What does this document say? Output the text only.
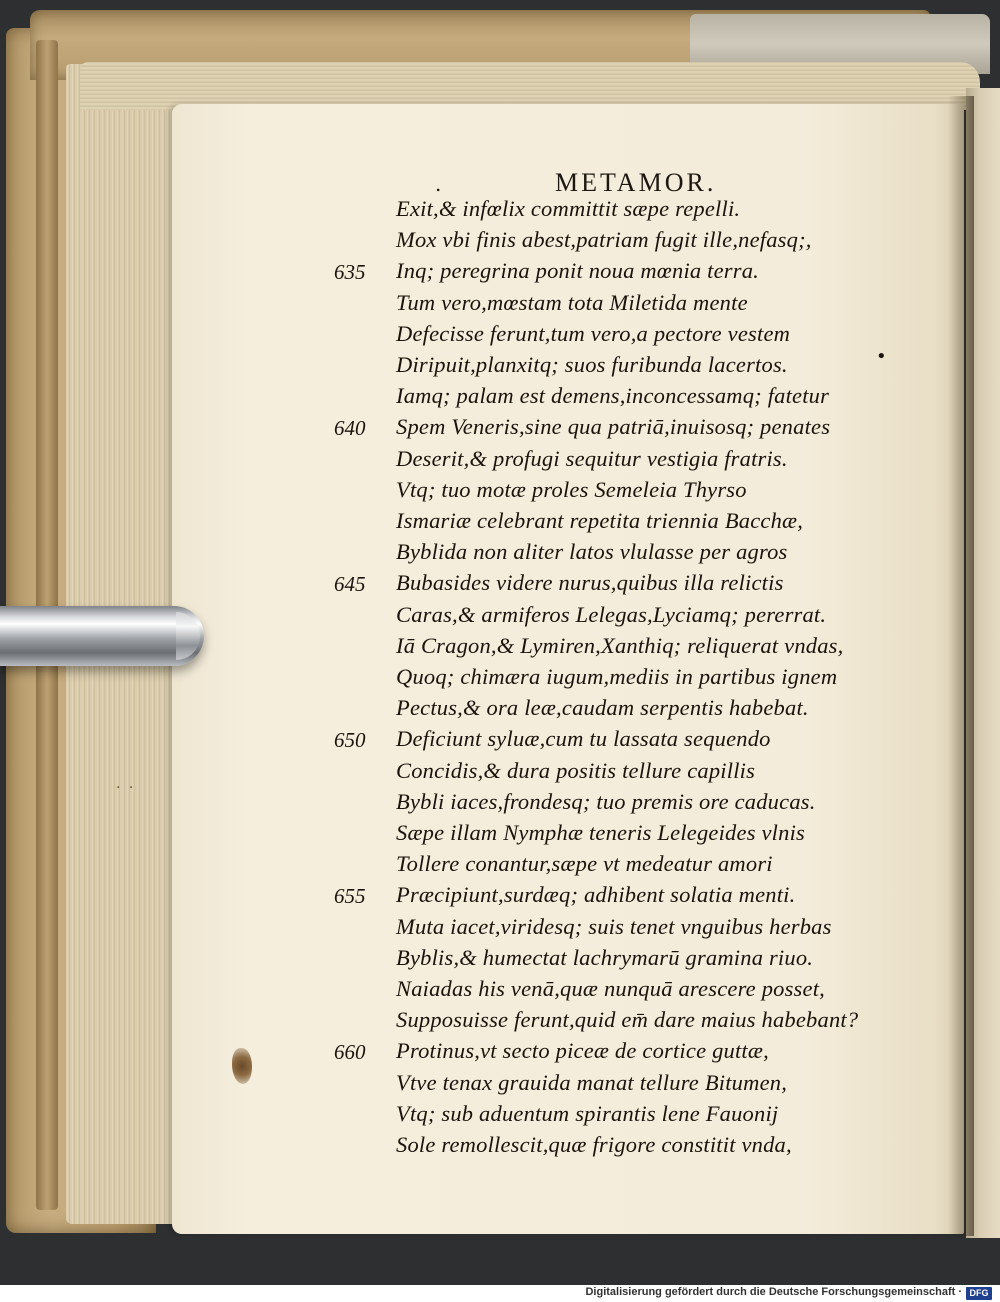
· ·
.	METAMOR.
•
Exit,& infœlix committit sæpe repelli.
Mox vbi finis abest,patriam fugit ille,nefasq;,
635 Inq; peregrina ponit noua mœnia terra.
Tum vero,mœstam tota Miletida mente
Defecisse ferunt,tum vero,a pectore vestem
Diripuit,planxitq; suos furibunda lacertos.
Iamq; palam est demens,inconcessamq; fatetur
640 Spem Veneris,sine qua patriā,inuisosq; penates
Deserit,& profugi sequitur vestigia fratris.
Vtq; tuo motæ proles Semeleia Thyrso
Ismariæ celebrant repetita triennia Bacchæ,
Byblida non aliter latos vlulasse per agros
645 Bubasides videre nurus,quibus illa relictis
Caras,& armiferos Lelegas,Lyciamq; pererrat.
Iā Cragon,& Lymiren,Xanthiq; reliquerat vndas,
Quoq; chimæra iugum,mediis in partibus ignem
Pectus,& ora leæ,caudam serpentis habebat.
650 Deficiunt syluæ,cum tu lassata sequendo
Concidis,& dura positis tellure capillis
Bybli iaces,frondesq; tuo premis ore caducas.
Sæpe illam Nymphæ teneris Lelegeides vlnis
Tollere conantur,sæpe vt medeatur amori
655 Præcipiunt,surdæq; adhibent solatia menti.
Muta iacet,viridesq; suis tenet vnguibus herbas
Byblis,& humectat lachrymarū gramina riuo.
Naiadas his venā,quæ nunquā arescere posset,
Supposuisse ferunt,quid em̄ dare maius habebant?
660 Protinus,vt secto piceæ de cortice guttæ,
Vtve tenax grauida manat tellure Bitumen,
Vtq; sub aduentum spirantis lene Fauonij
Sole remollescit,quæ frigore constitit vnda,
Digitalisierung gefördert durch die Deutsche Forschungsgemeinschaft · DFG
